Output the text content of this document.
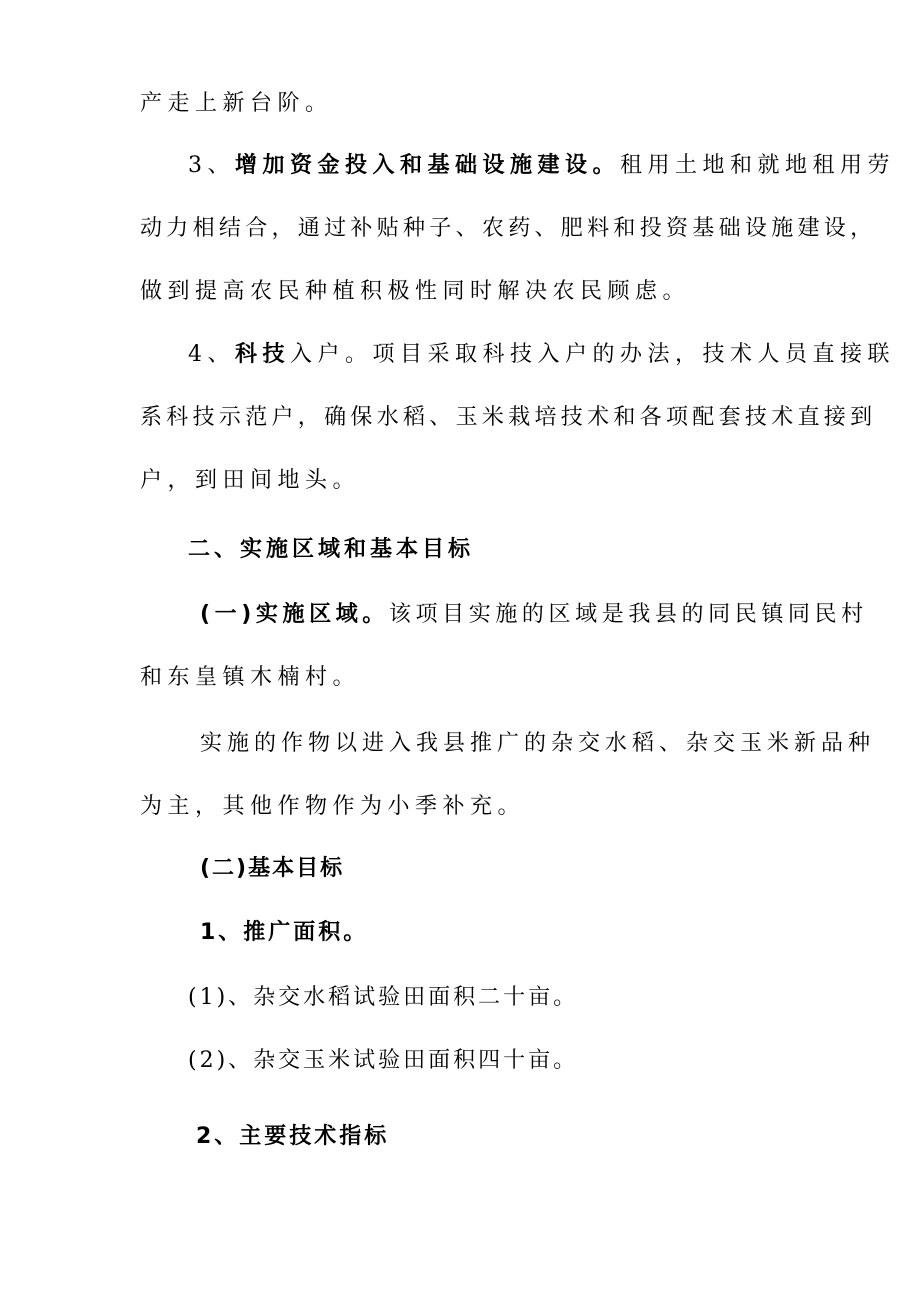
产走上新台阶。
3、增加资金投入和基础设施建设。租用土地和就地租用劳
动力相结合，通过补贴种子、农药、肥料和投资基础设施建设，
做到提高农民种植积极性同时解决农民顾虑。
4、科技入户。项目采取科技入户的办法，技术人员直接联
系科技示范户，确保水稻、玉米栽培技术和各项配套技术直接到
户，到田间地头。
二、实施区域和基本目标
(一)实施区域。该项目实施的区域是我县的同民镇同民村
和东皇镇木楠村。
实施的作物以进入我县推广的杂交水稻、杂交玉米新品种
为主，其他作物作为小季补充。
(二)基本目标
1、推广面积。
(1)、杂交水稻试验田面积二十亩。
(2)、杂交玉米试验田面积四十亩。
2、主要技术指标
